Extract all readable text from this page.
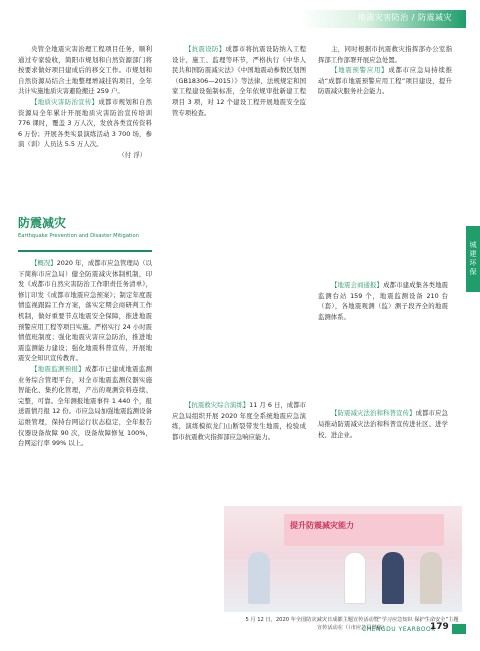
地震灾害防治 / 防震减灾

央管全地震灾害治理工程项目任务，顺利通过专家验收，简阳市规划和自然资源部门将按要求做好项目建成后的移交工作。市规划和自然资源局结合土地整理增减挂钩项目，全年共计实施地质灾害避险搬迁 259 户。

【地质灾害防治宣传】成都市规划和自然资源局全年累计开展地质灾害防治宣传培训 776 课时，覆盖 3 万人次，发放各类宣传资料 6 万份；开展各类实景演练活动 3 700 场，参演（训）人员达 5.5 万人次。

（付 浮）
防震减灾
Earthquake Prevention and Disaster Mitigation

【概况】2020 年，成都市应急管理局（以下简称市应急局）健全防震减灾体制机制，印发《成都市自然灾害防治工作职责任务清单》，修订印发《成都市地震应急预案》；制定年度震情监视跟踪工作方案，落实定期会商研判工作机制，做好重要节点地震安全保障，推进地震预警应用工程等项目实施。严格实行 24 小时震情值班制度；强化地震灾害应急防治，推进地震监测能力建设；强化地震科普宣传，开展地震安全知识宣传教育。

【地震监测预报】成都市已建成地震监测业务综合管理平台，对全市地震监测仪器实施智能化、集约化管理，产出的观测资料连续、完整，可靠。全年测报地震事件 1 440 个，报送震情月报 12 份。市应急局加强地震监测设备运维管理，保持台网运行状态稳定，全年报告仪器设备故障 90 次，设备故障修复 100%，台网运行率 99% 以上。

【抗震设防】成都市将抗震设防纳入工程设计、施工、监理等环节，严格执行《中华人民共和国防震减灾法》《中国地震动参数区划图（GB18306—2015）》等法律、法规规定和国家工程建设强制标准，全年依规审批新建工程项目 3 项，对 12 个建设工程开展地震安全监管专项检查。

【抗震救灾综合演练】11 月 6 日，成都市应急局组织开展 2020 年度全系统地震应急演练，演练模拟龙门山断裂带发生地震，检验成都市抗震救灾指挥部应急响应能力。

主，同时根据市抗震救灾指挥部办公室指挥部工作部署开展应急处置。

【地震预警应用】成都市应急局持续推动“成都市地震预警应用工程”项目建设，提升防震减灾服务社会能力。

【地震会商通报】成都市建成集各类地震监测台站 159 个，地震监测设备 210 台（套），各地震观测（监）测子段齐全的地震监测体系。

【防震减灾法治和科普宣传】成都市应急局推动防震减灾法治和科普宣传进社区、进学校、进企业。

城建环保
提升防震减灾能力
5 月 12 日，2020 年全国防灾减灾日成都主题宣传活动暨“学习应急知识 保护生命安全”主题宣传活动在（（市应急局供稿）
CHENGDU YEARBOOK
179
